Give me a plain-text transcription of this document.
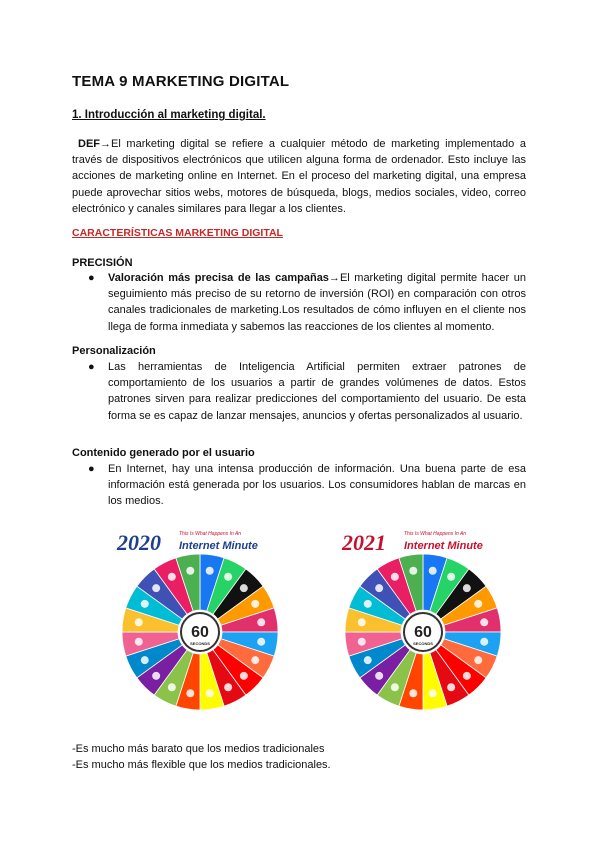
TEMA 9 MARKETING DIGITAL
1. Introducción al marketing digital.
DEF→El marketing digital se refiere a cualquier método de marketing implementado a través de dispositivos electrónicos que utilicen alguna forma de ordenador. Esto incluye las acciones de marketing online en Internet. En el proceso del marketing digital, una empresa puede aprovechar sitios webs, motores de búsqueda, blogs, medios sociales, video, correo electrónico y canales similares para llegar a los clientes.
CARACTERÍSTICAS MARKETING DIGITAL
PRECISIÓN
● Valoración más precisa de las campañas→El marketing digital permite hacer un seguimiento más preciso de su retorno de inversión (ROI) en comparación con otros canales tradicionales de marketing.Los resultados de cómo influyen en el cliente nos llega de forma inmediata y sabemos las reacciones de los clientes al momento.
Personalización
● Las herramientas de Inteligencia Artificial permiten extraer patrones de comportamiento de los usuarios a partir de grandes volúmenes de datos. Estos patrones sirven para realizar predicciones del comportamiento del usuario. De esta forma se es capaz de lanzar mensajes, anuncios y ofertas personalizados al usuario.
Contenido generado por el usuario
● En Internet, hay una intensa producción de información. Una buena parte de esa información está generada por los usuarios. Los consumidores hablan de marcas en los medios.
2020	This Is What Happens In An
Internet Minute
60
SECONDS
2021	This Is What Happens In An
Internet Minute
60
SECONDS
-Es mucho más barato que los medios tradicionales
-Es mucho más flexible que los medios tradicionales.
